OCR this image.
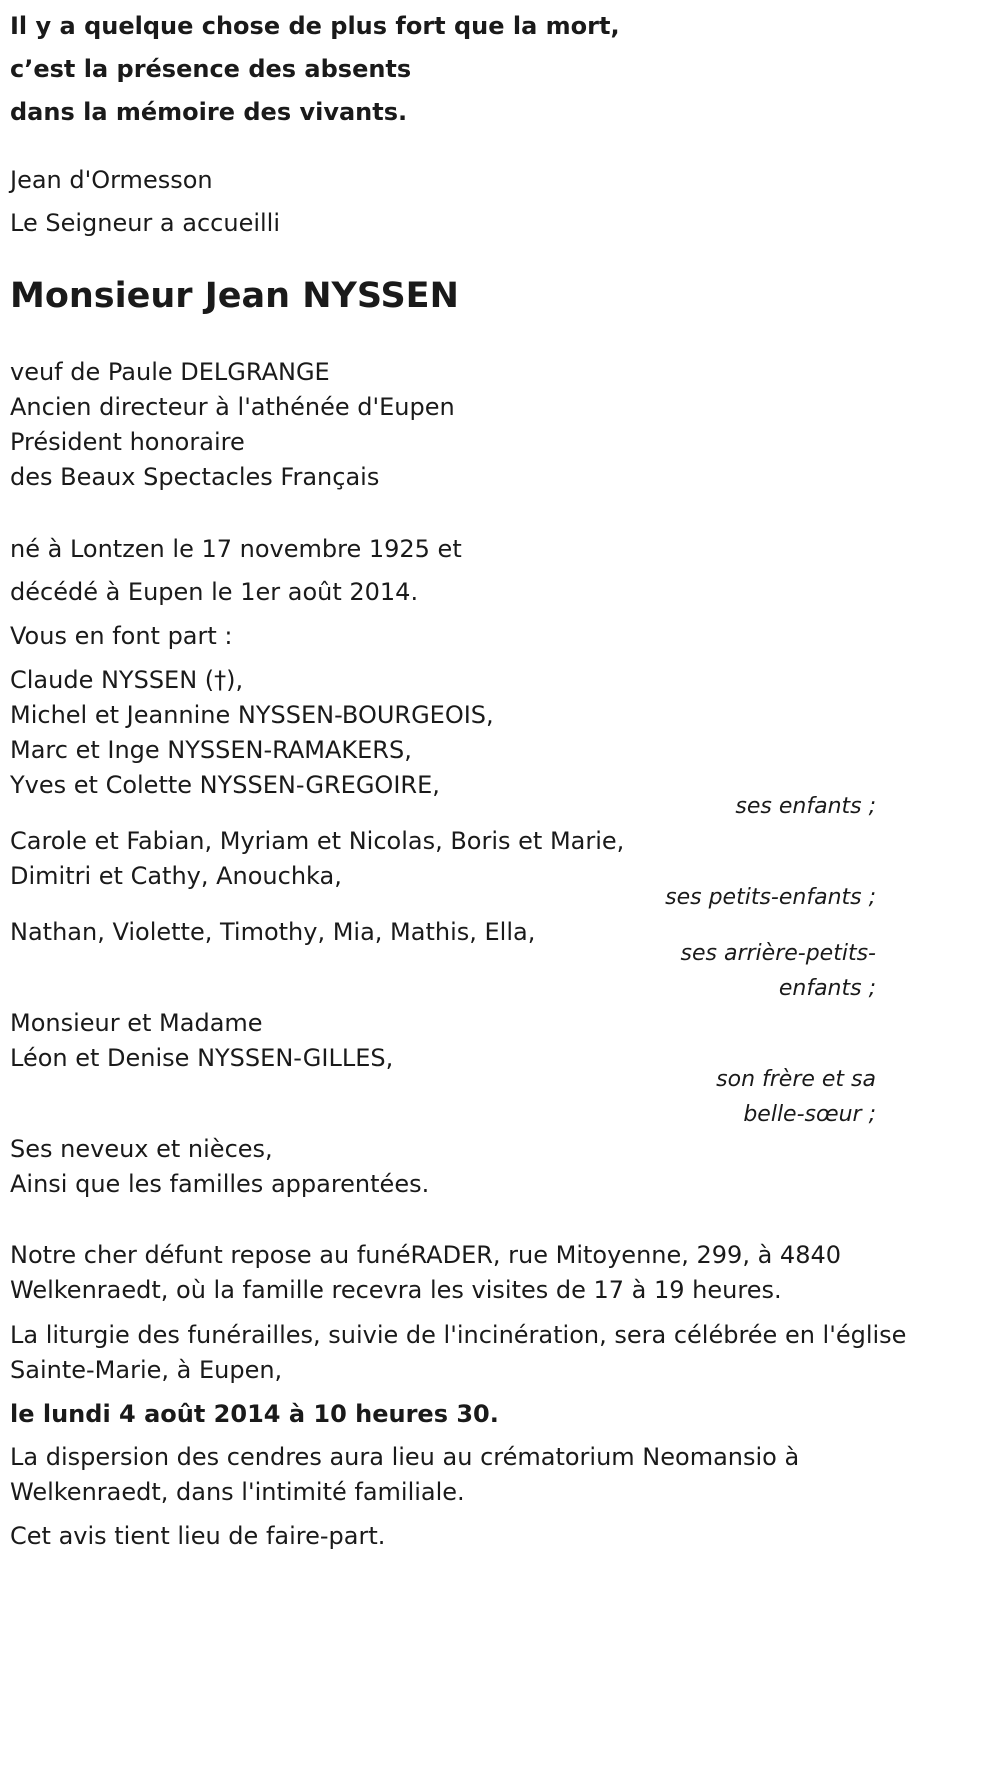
Il y a quelque chose de plus fort que la mort,
c’est la présence des absents
dans la mémoire des vivants.
Jean d'Ormesson
Le Seigneur a accueilli
Monsieur Jean NYSSEN
veuf de Paule DELGRANGE
Ancien directeur à l'athénée d'Eupen
Président honoraire
des Beaux Spectacles Français
né à Lontzen le 17 novembre 1925 et
décédé à Eupen le 1er août 2014.
Vous en font part :
Claude NYSSEN (†),
Michel et Jeannine NYSSEN-BOURGEOIS,
Marc et Inge NYSSEN-RAMAKERS,
Yves et Colette NYSSEN-GREGOIRE,
ses enfants ;
Carole et Fabian, Myriam et Nicolas, Boris et Marie,
Dimitri et Cathy, Anouchka,
ses petits-enfants ;
Nathan, Violette, Timothy, Mia, Mathis, Ella,
ses arrière-petits-
enfants ;
Monsieur et Madame
Léon et Denise NYSSEN-GILLES,
son frère et sa
belle-sœur ;
Ses neveux et nièces,
Ainsi que les familles apparentées.
Notre cher défunt repose au funéRADER, rue Mitoyenne, 299, à 4840
Welkenraedt, où la famille recevra les visites de 17 à 19 heures.
La liturgie des funérailles, suivie de l'incinération, sera célébrée en l'église
Sainte-Marie, à Eupen,
le lundi 4 août 2014 à 10 heures 30.
La dispersion des cendres aura lieu au crématorium Neomansio à
Welkenraedt, dans l'intimité familiale.
Cet avis tient lieu de faire-part.
